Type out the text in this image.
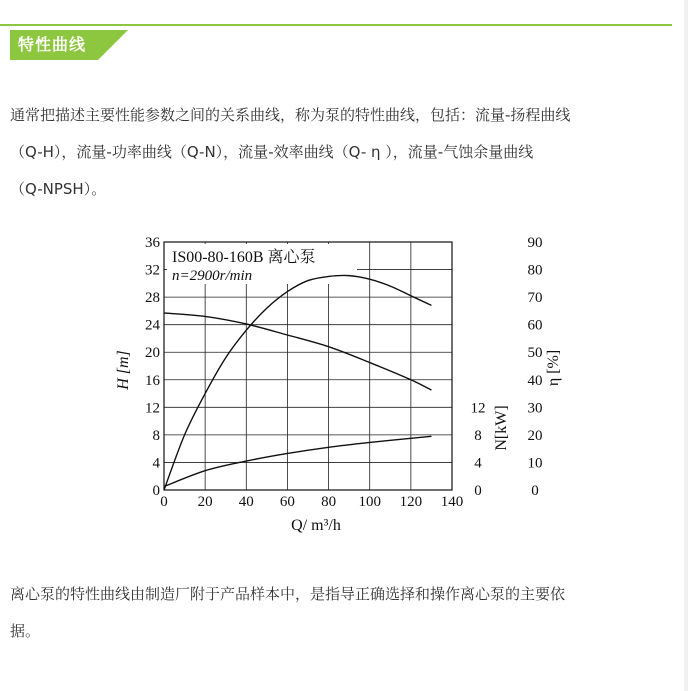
特性曲线

通常把描述主要性能参数之间的关系曲线，称为泵的特性曲线，包括：流量-扬程曲线
（Q-H），流量-功率曲线（Q-N），流量-效率曲线（Q- η ），流量-气蚀余量曲线
（Q-NPSH）。

0 20 40 60 80 100 120 140
0
4
8
12
16
20
24
28
32
36
0
4
8
12
0
10
20
30
40
50
60
70
80
90
H [m]
N[kW]
η [%]
Q/ m³/h
IS00-80-160B 离心泵
n=2900r/min

离心泵的特性曲线由制造厂附于产品样本中，是指导正确选择和操作离心泵的主要依
据。
